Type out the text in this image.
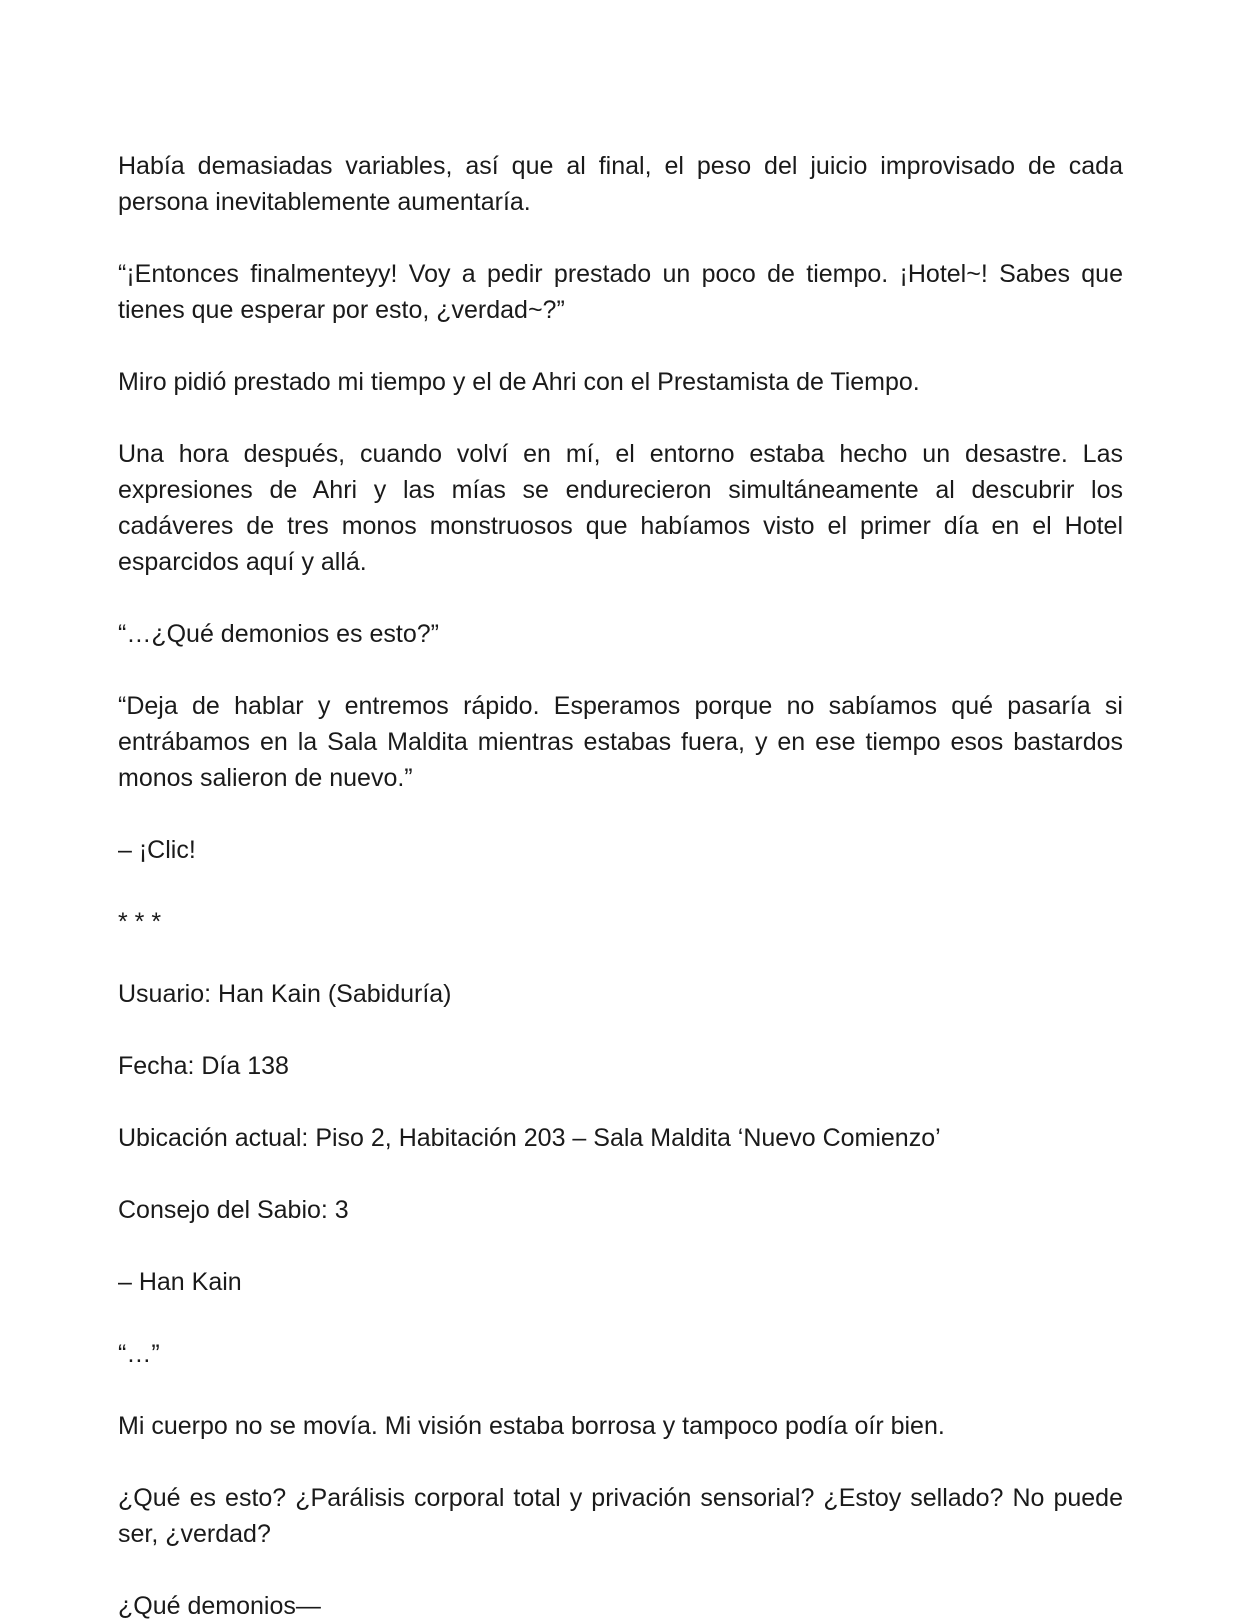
Había demasiadas variables, así que al final, el peso del juicio improvisado de cada persona inevitablemente aumentaría.

“¡Entonces finalmenteyy! Voy a pedir prestado un poco de tiempo. ¡Hotel~! Sabes que tienes que esperar por esto, ¿verdad~?”

Miro pidió prestado mi tiempo y el de Ahri con el Prestamista de Tiempo.

Una hora después, cuando volví en mí, el entorno estaba hecho un desastre. Las expresiones de Ahri y las mías se endurecieron simultáneamente al descubrir los cadáveres de tres monos monstruosos que habíamos visto el primer día en el Hotel esparcidos aquí y allá.

“…¿Qué demonios es esto?”

“Deja de hablar y entremos rápido. Esperamos porque no sabíamos qué pasaría si entrábamos en la Sala Maldita mientras estabas fuera, y en ese tiempo esos bastardos monos salieron de nuevo.”

– ¡Clic!

* * *

Usuario: Han Kain (Sabiduría)

Fecha: Día 138

Ubicación actual: Piso 2, Habitación 203 – Sala Maldita ‘Nuevo Comienzo’

Consejo del Sabio: 3

– Han Kain

“…”

Mi cuerpo no se movía. Mi visión estaba borrosa y tampoco podía oír bien.

¿Qué es esto? ¿Parálisis corporal total y privación sensorial? ¿Estoy sellado? No puede ser, ¿verdad?

¿Qué demonios—
